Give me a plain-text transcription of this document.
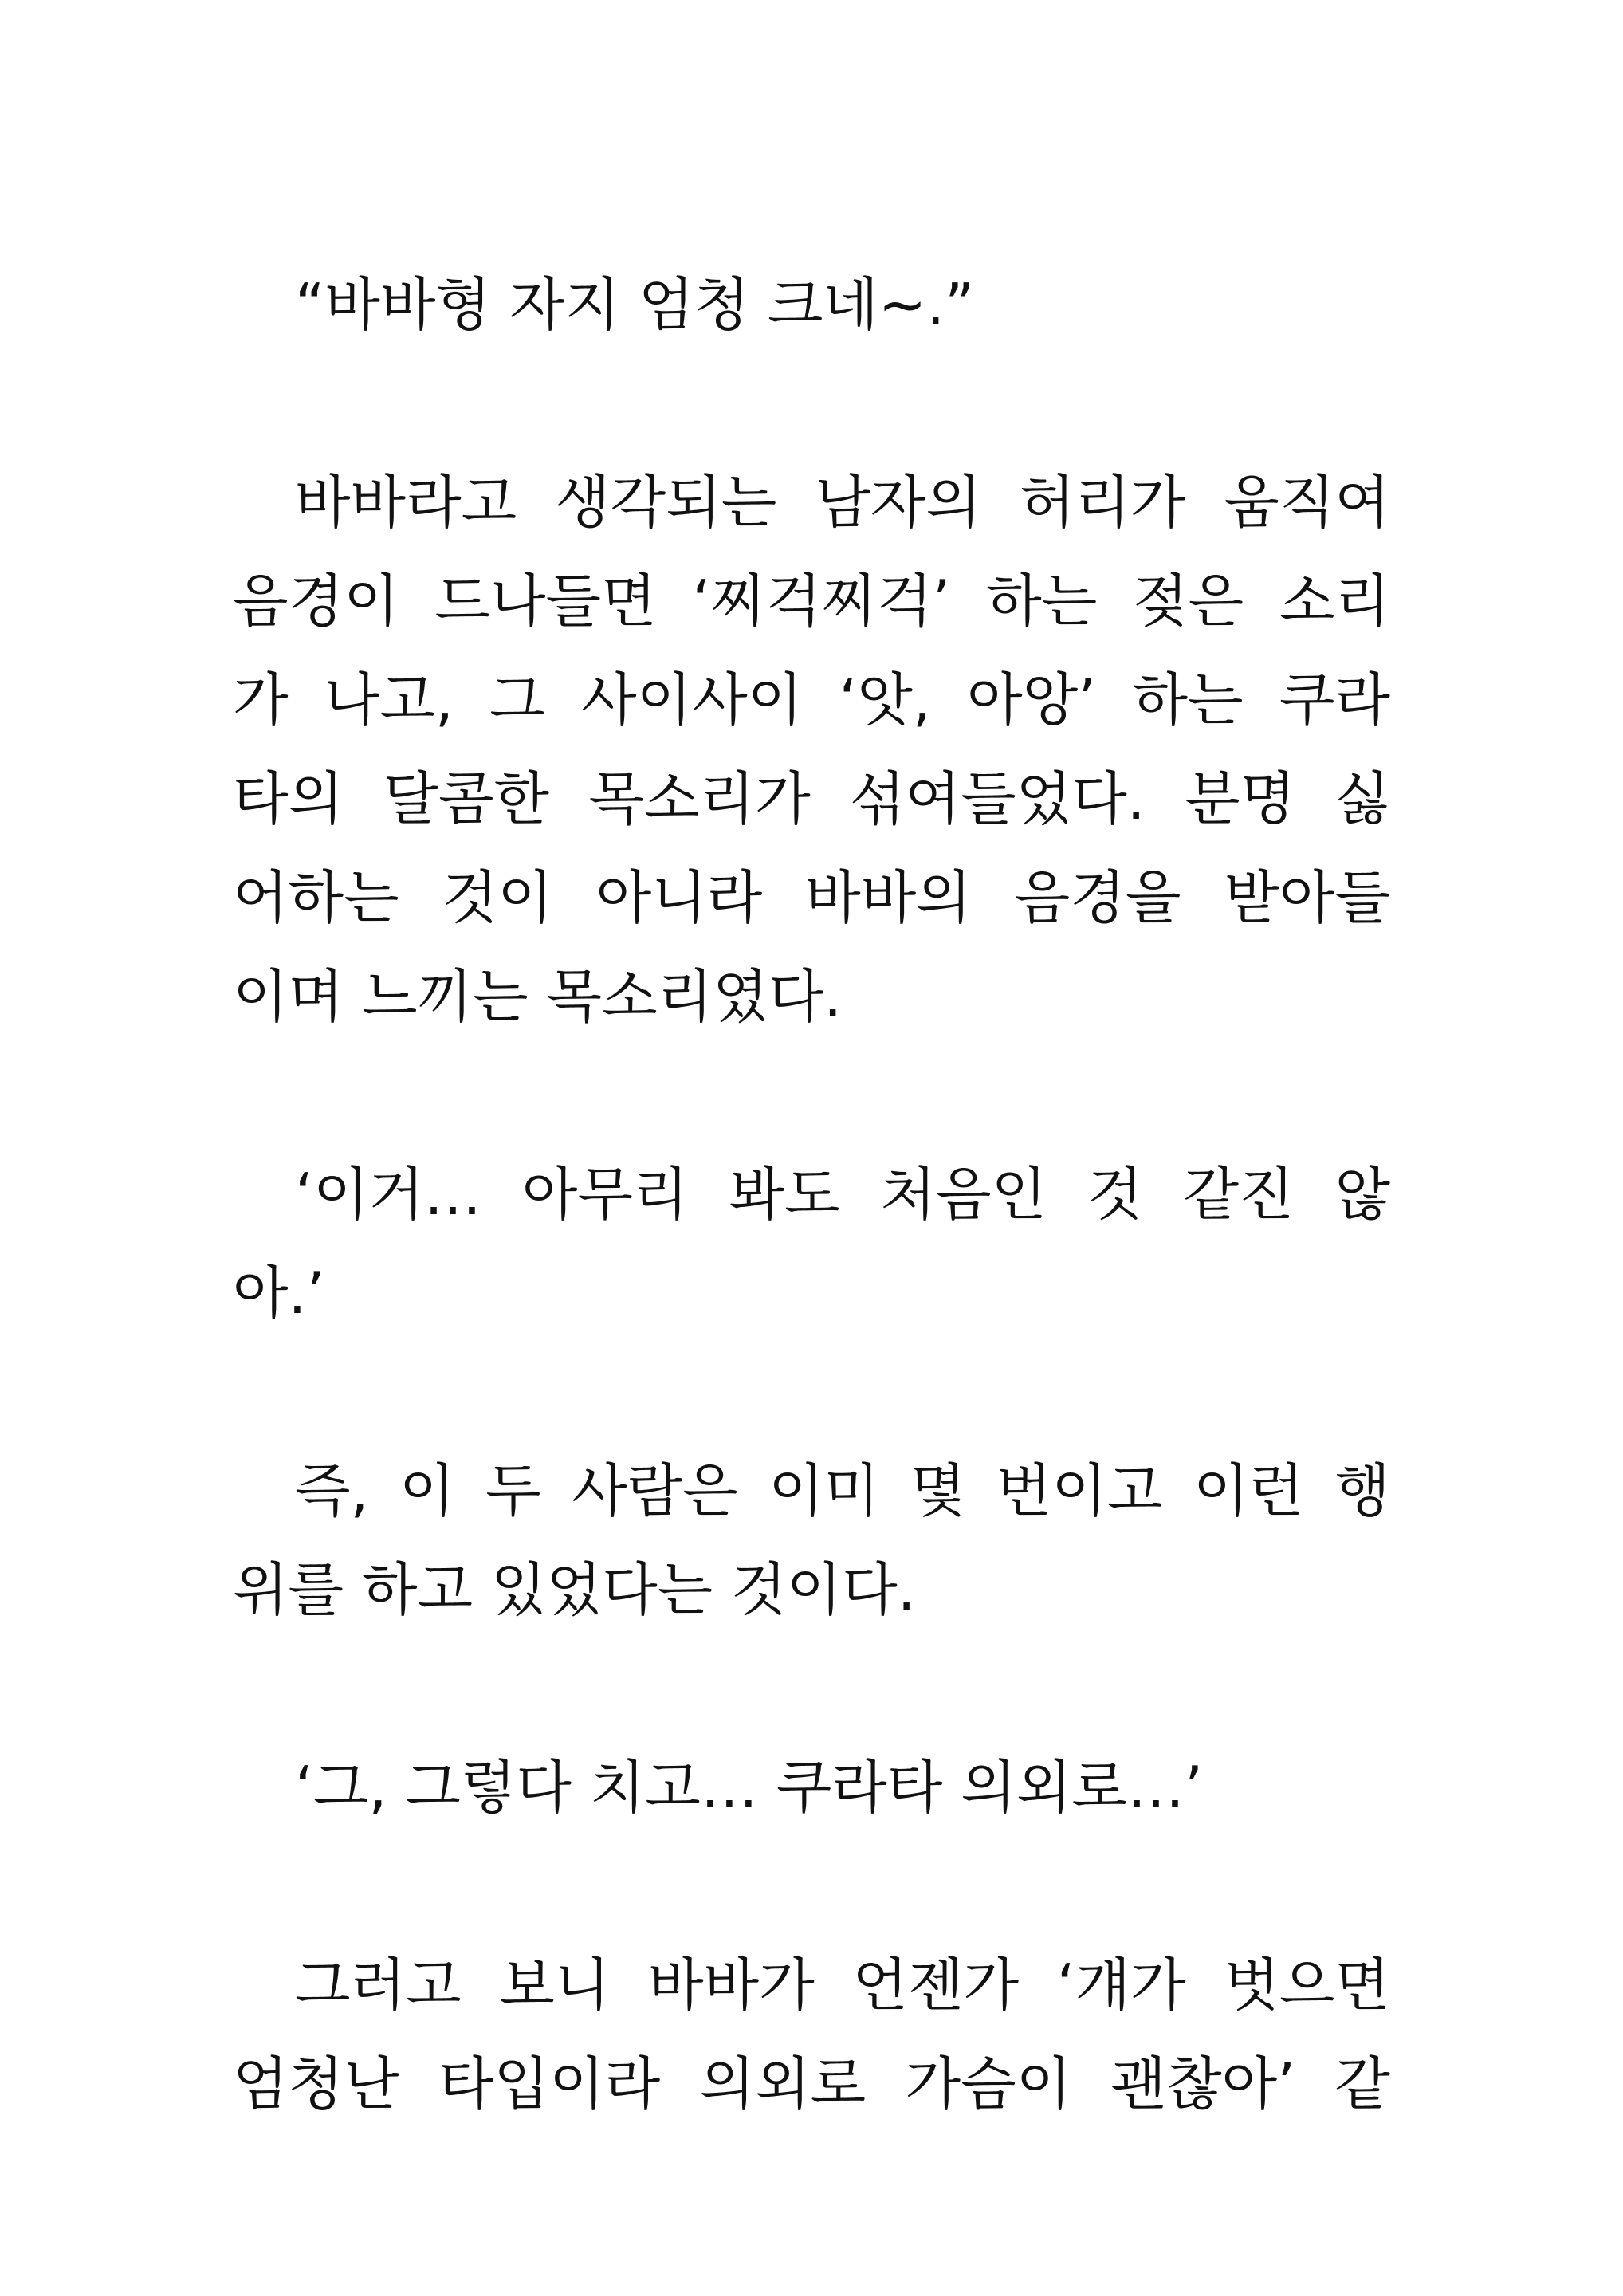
“바바형 자지 엄청 크네~.”
바바라고 생각되는 남자의 허리가 움직여
음경이 드나들면 ‘찌걱찌걱’ 하는 젖은 소리
가 나고, 그 사이사이 ‘앗, 아앙’ 하는 쿠라
타의 달콤한 목소리가 섞여들었다. 분명 싫
어하는 것이 아니라 바바의 음경을 받아들
이며 느끼는 목소리였다.
‘이거… 아무리 봐도 처음인 것 같진 않
아.’
즉, 이 두 사람은 이미 몇 번이고 이런 행
위를 하고 있었다는 것이다.
‘그, 그렇다 치고… 쿠라타 의외로…’
그러고 보니 바바가 언젠가 ‘걔가 벗으면
엄청난 타입이라 의외로 가슴이 괜찮아’ 같
